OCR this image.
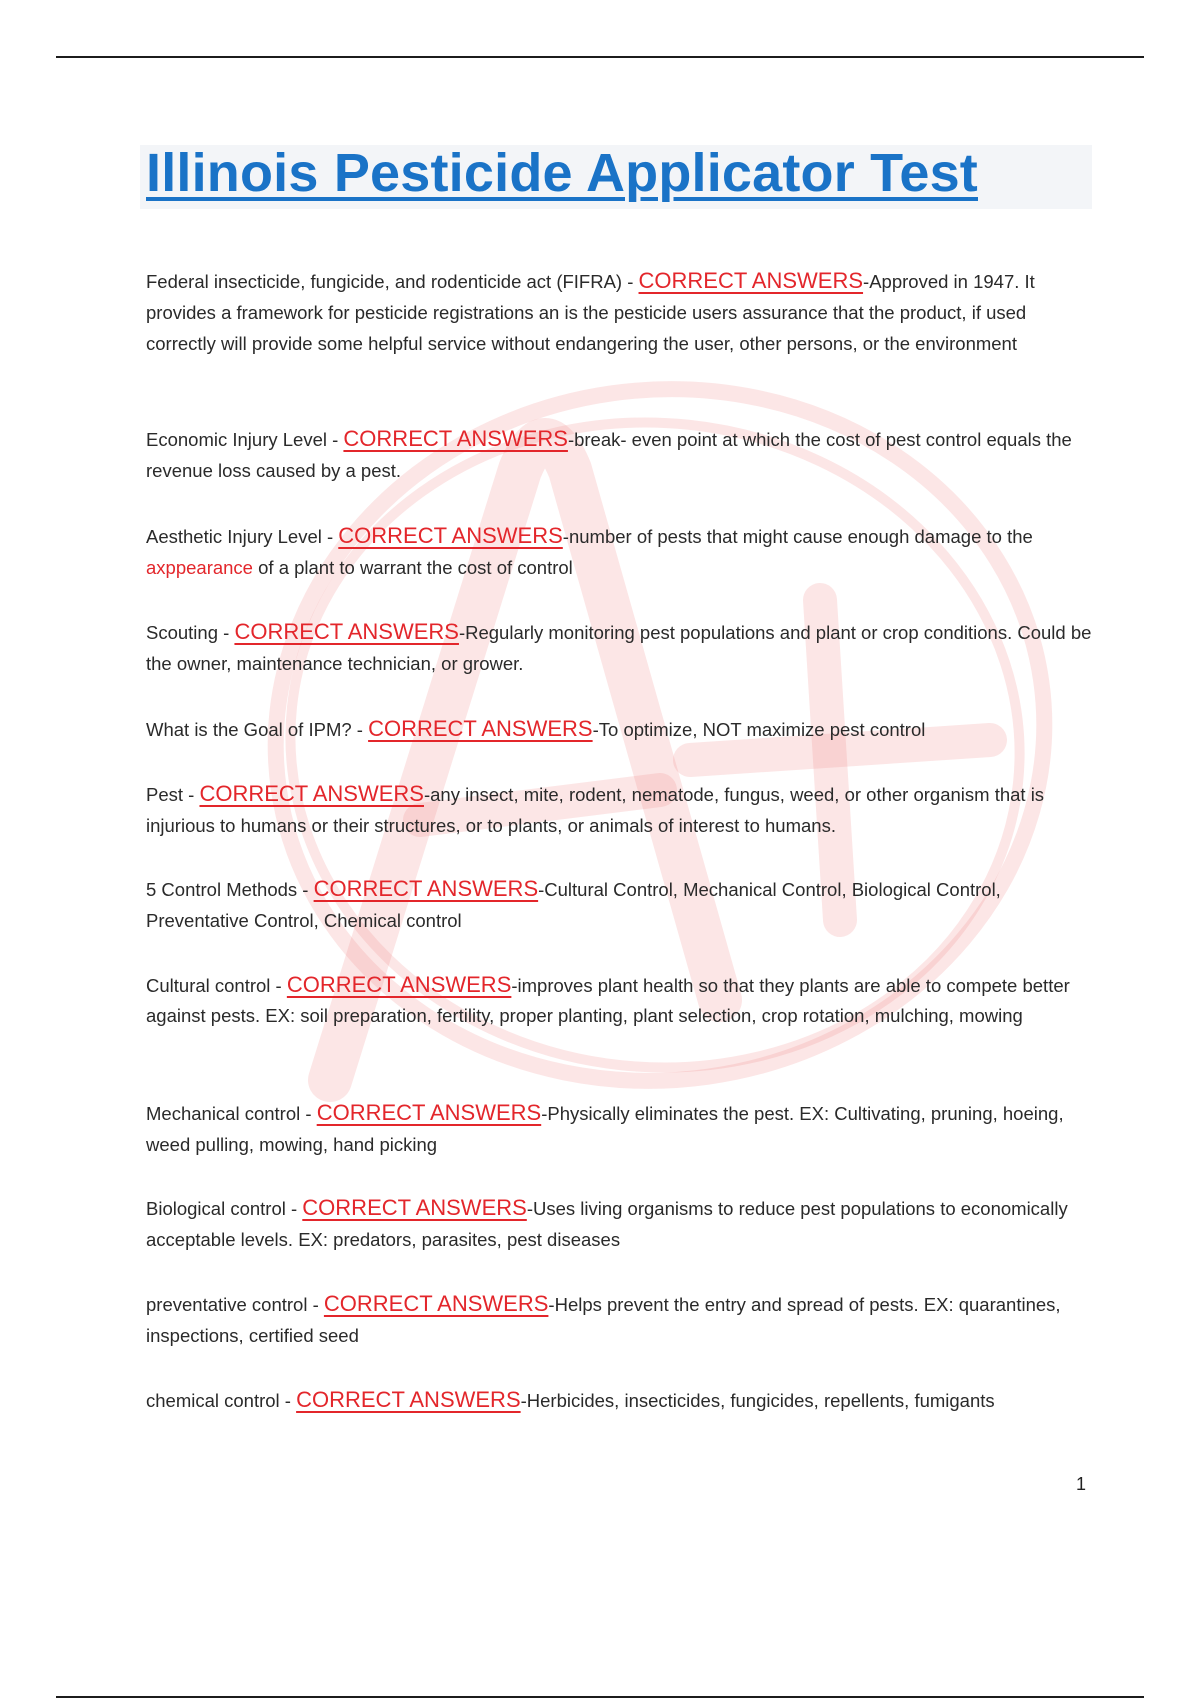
Illinois Pesticide Applicator Test

Federal insecticide, fungicide, and rodenticide act (FIFRA) - CORRECT ANSWERS-Approved in 1947. It provides a framework for pesticide registrations an is the pesticide users assurance that the product, if used correctly will provide some helpful service without endangering the user, other persons, or the environment

Economic Injury Level - CORRECT ANSWERS-break- even point at which the cost of pest control equals the revenue loss caused by a pest.

Aesthetic Injury Level - CORRECT ANSWERS-number of pests that might cause enough damage to the axppearance of a plant to warrant the cost of control

Scouting - CORRECT ANSWERS-Regularly monitoring pest populations and plant or crop conditions. Could be the owner, maintenance technician, or grower.

What is the Goal of IPM? - CORRECT ANSWERS-To optimize, NOT maximize pest control

Pest - CORRECT ANSWERS-any insect, mite, rodent, nematode, fungus, weed, or other organism that is injurious to humans or their structures, or to plants, or animals of interest to humans.

5 Control Methods - CORRECT ANSWERS-Cultural Control, Mechanical Control, Biological Control, Preventative Control, Chemical control

Cultural control - CORRECT ANSWERS-improves plant health so that they plants are able to compete better against pests. EX: soil preparation, fertility, proper planting, plant selection, crop rotation, mulching, mowing

Mechanical control - CORRECT ANSWERS-Physically eliminates the pest. EX: Cultivating, pruning, hoeing, weed pulling, mowing, hand picking

Biological control - CORRECT ANSWERS-Uses living organisms to reduce pest populations to economically acceptable levels. EX: predators, parasites, pest diseases

preventative control - CORRECT ANSWERS-Helps prevent the entry and spread of pests. EX: quarantines, inspections, certified seed

chemical control - CORRECT ANSWERS-Herbicides, insecticides, fungicides, repellents, fumigants

1
